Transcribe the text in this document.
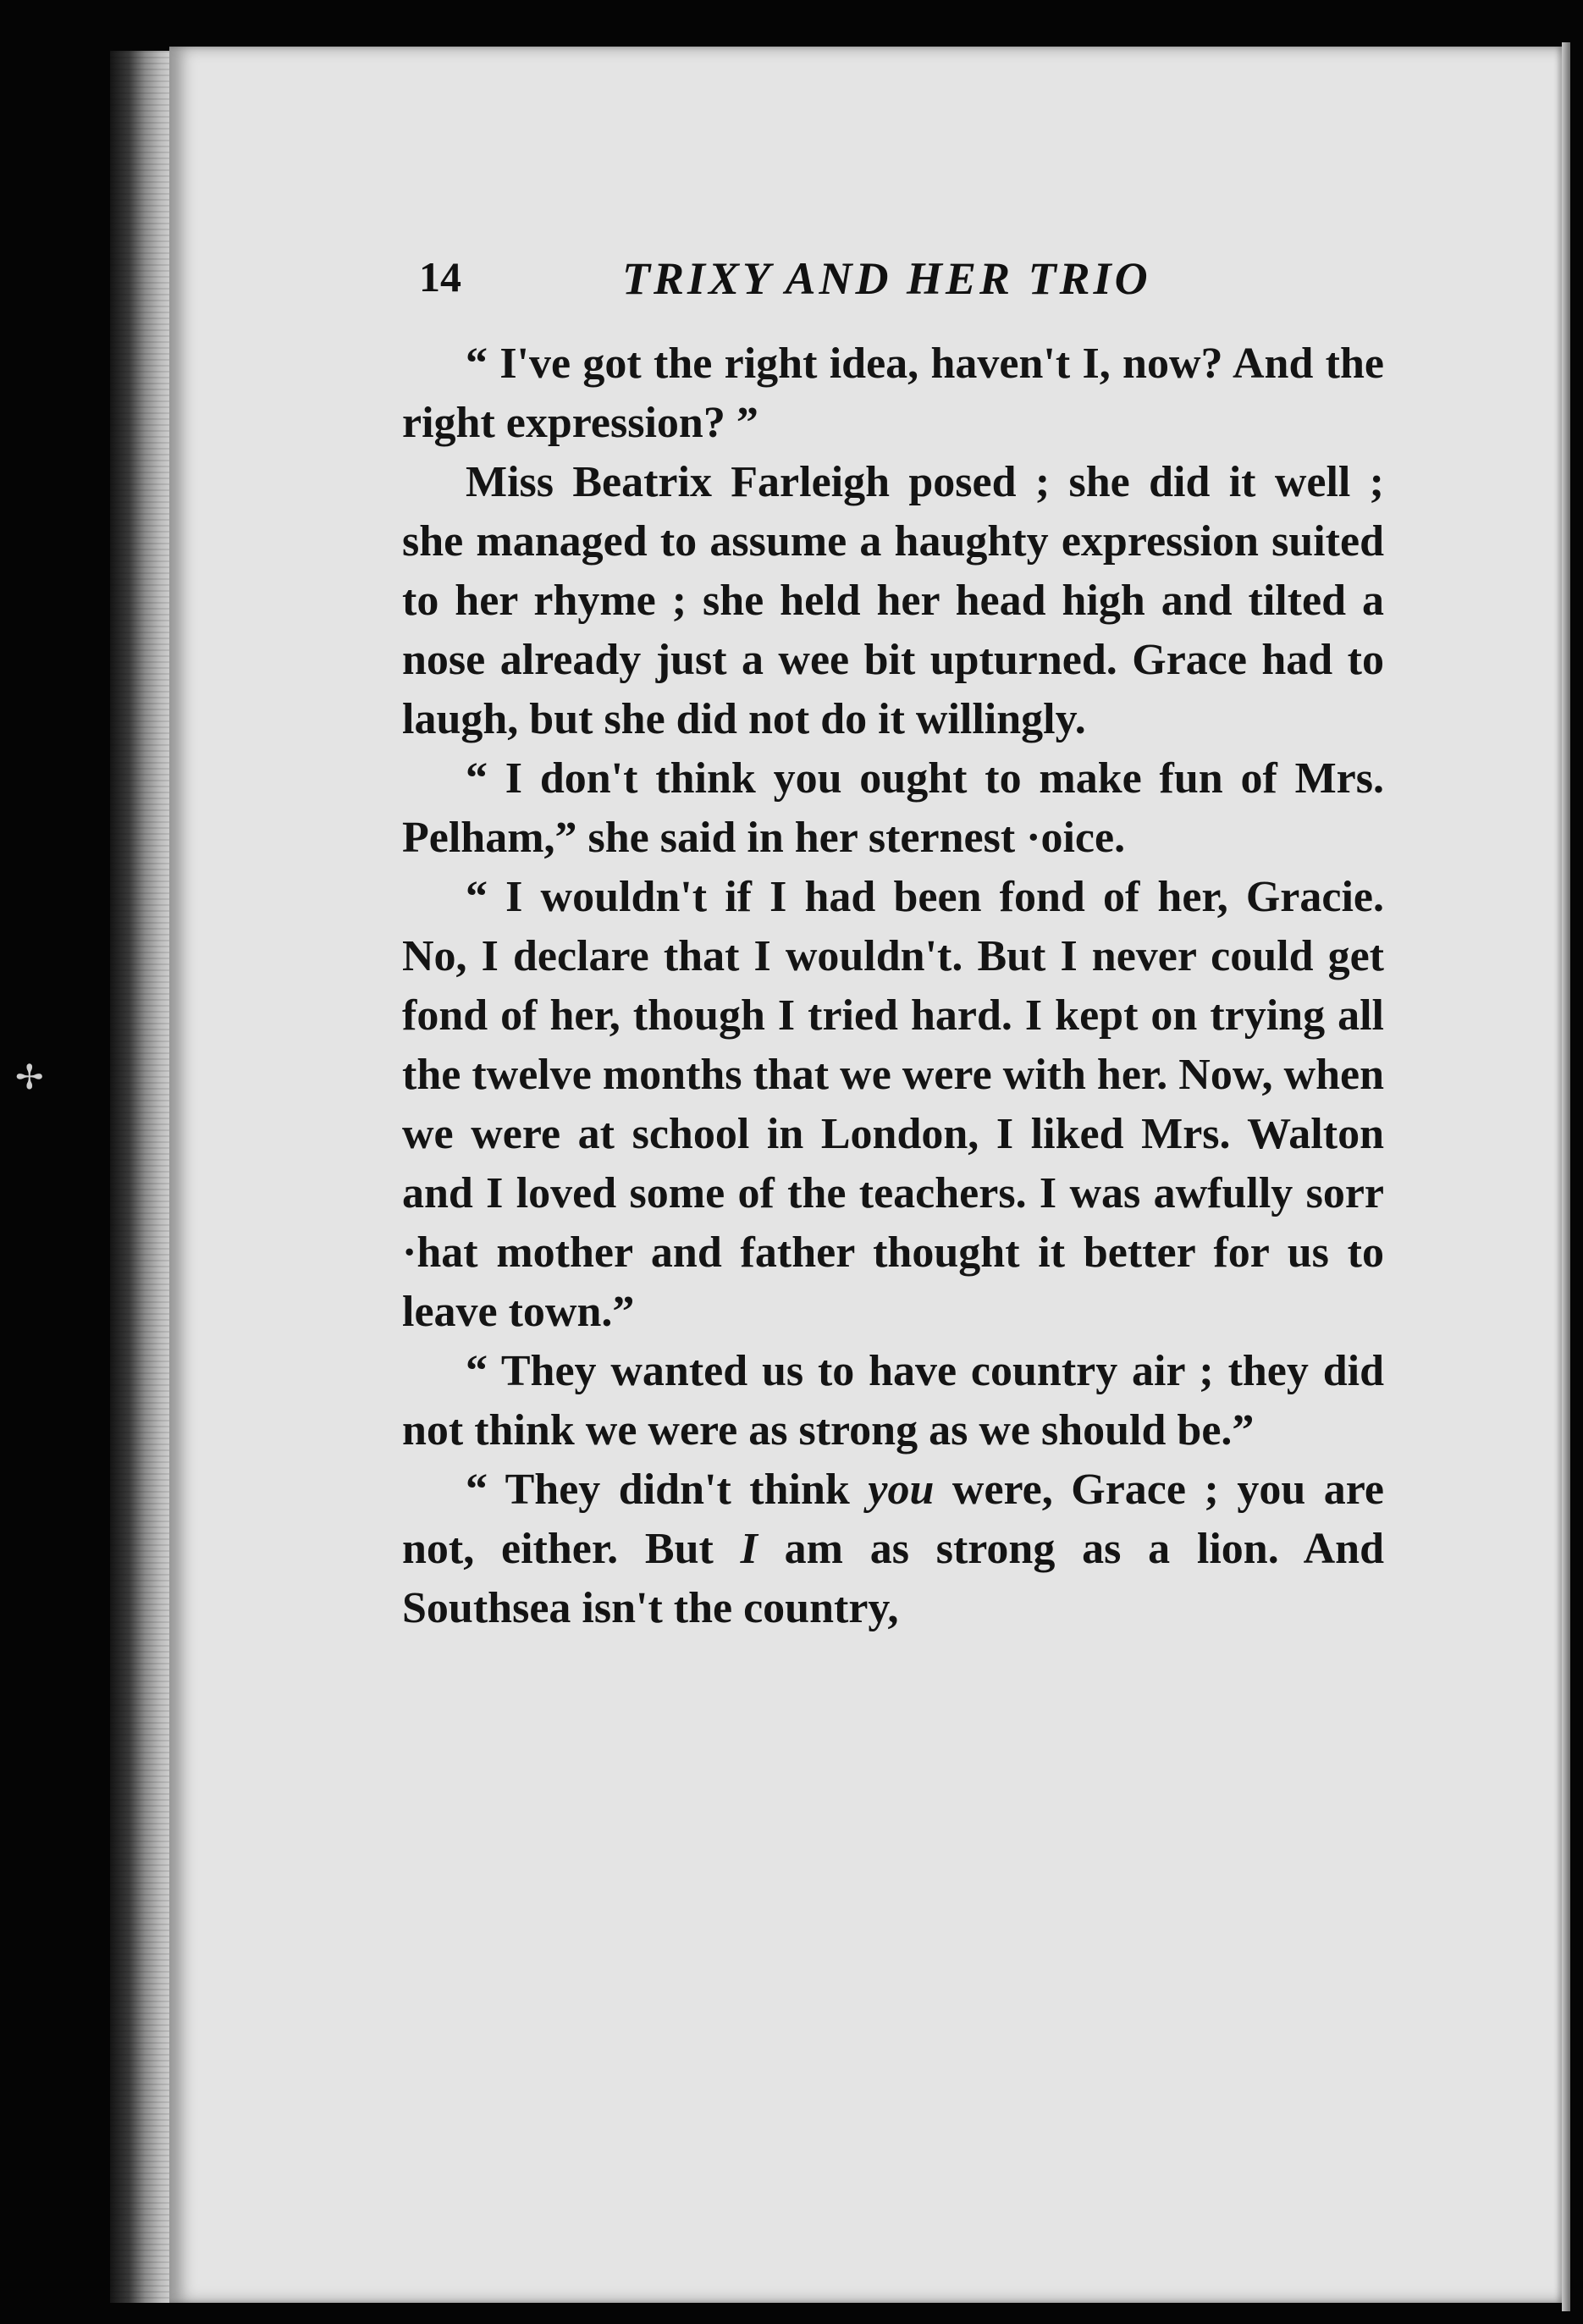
✢
14	TRIXY AND HER TRIO

“ I've got the right idea, haven't I, now? And the right expression? ”

Miss Beatrix Farleigh posed ; she did it well ; she managed to assume a haughty expression suited to her rhyme ; she held her head high and tilted a nose already just a wee bit upturned. Grace had to laugh, but she did not do it willingly.

“ I don't think you ought to make fun of Mrs. Pelham,” she said in her sternest ·oice.

“ I wouldn't if I had been fond of her, Gracie. No, I declare that I wouldn't. But I never could get fond of her, though I tried hard. I kept on trying all the twelve months that we were with her. Now, when we were at school in London, I liked Mrs. Walton and I loved some of the teachers. I was awfully sorr ·hat mother and father thought it better for us to leave town.”

“ They wanted us to have country air ; they did not think we were as strong as we should be.”

“ They didn't think you were, Grace ; you are not, either. But I am as strong as a lion. And Southsea isn't the country,
